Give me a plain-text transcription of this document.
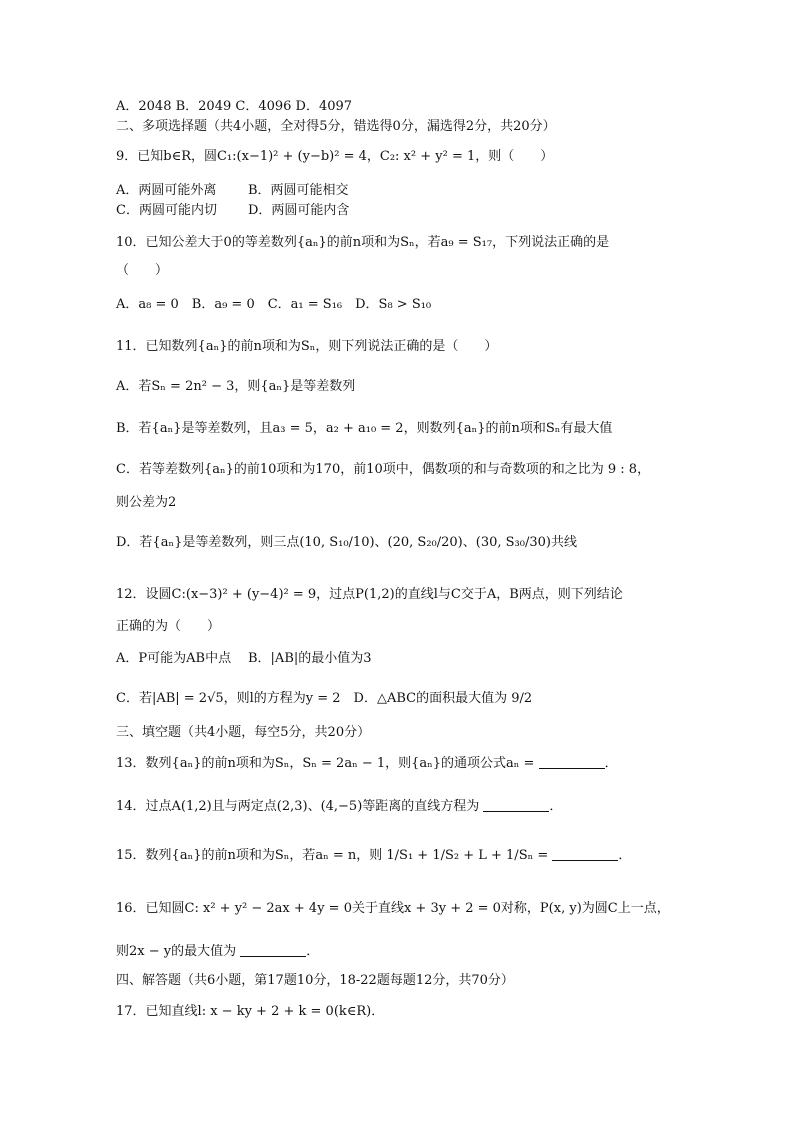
A．2048 B．2049 C．4096 D．4097
二、多项选择题（共4小题，全对得5分，错选得0分，漏选得2分，共20分）
9．已知b∈R，圆C₁:(x−1)² + (y−b)² = 4，C₂: x² + y² = 1，则（　　）
A．两圆可能外离 B．两圆可能相交
C．两圆可能内切 D．两圆可能内含
10．已知公差大于0的等差数列{aₙ}的前n项和为Sₙ，若a₉ = S₁₇，下列说法正确的是
（　　）
A．a₈ = 0　B．a₉ = 0　C．a₁ = S₁₆　D．S₈ > S₁₀
11．已知数列{aₙ}的前n项和为Sₙ，则下列说法正确的是（　　）
A．若Sₙ = 2n² − 3，则{aₙ}是等差数列
B．若{aₙ}是等差数列，且a₃ = 5，a₂ + a₁₀ = 2，则数列{aₙ}的前n项和Sₙ有最大值
C．若等差数列{aₙ}的前10项和为170，前10项中，偶数项的和与奇数项的和之比为 9 : 8，
则公差为2
D．若{aₙ}是等差数列，则三点(10, S₁₀/10)、(20, S₂₀/20)、(30, S₃₀/30)共线
12．设圆C:(x−3)² + (y−4)² = 9，过点P(1,2)的直线l与C交于A，B两点，则下列结论
正确的为（　　）
A．P可能为AB中点 B．|AB|的最小值为3
C．若|AB| = 2√5，则l的方程为y = 2　D．△ABC的面积最大值为 9/2
三、填空题（共4小题，每空5分，共20分）
13．数列{aₙ}的前n项和为Sₙ，Sₙ = 2aₙ − 1，则{aₙ}的通项公式aₙ =	．
14．过点A(1,2)且与两定点(2,3)、(4,−5)等距离的直线方程为	．
15．数列{aₙ}的前n项和为Sₙ，若aₙ = n，则 1/S₁ + 1/S₂ + L + 1/Sₙ =	．
16．已知圆C: x² + y² − 2ax + 4y = 0关于直线x + 3y + 2 = 0对称，P(x, y)为圆C上一点，
则2x − y的最大值为	．
四、解答题（共6小题，第17题10分，18-22题每题12分，共70分）
17．已知直线l: x − ky + 2 + k = 0(k∈R)．
